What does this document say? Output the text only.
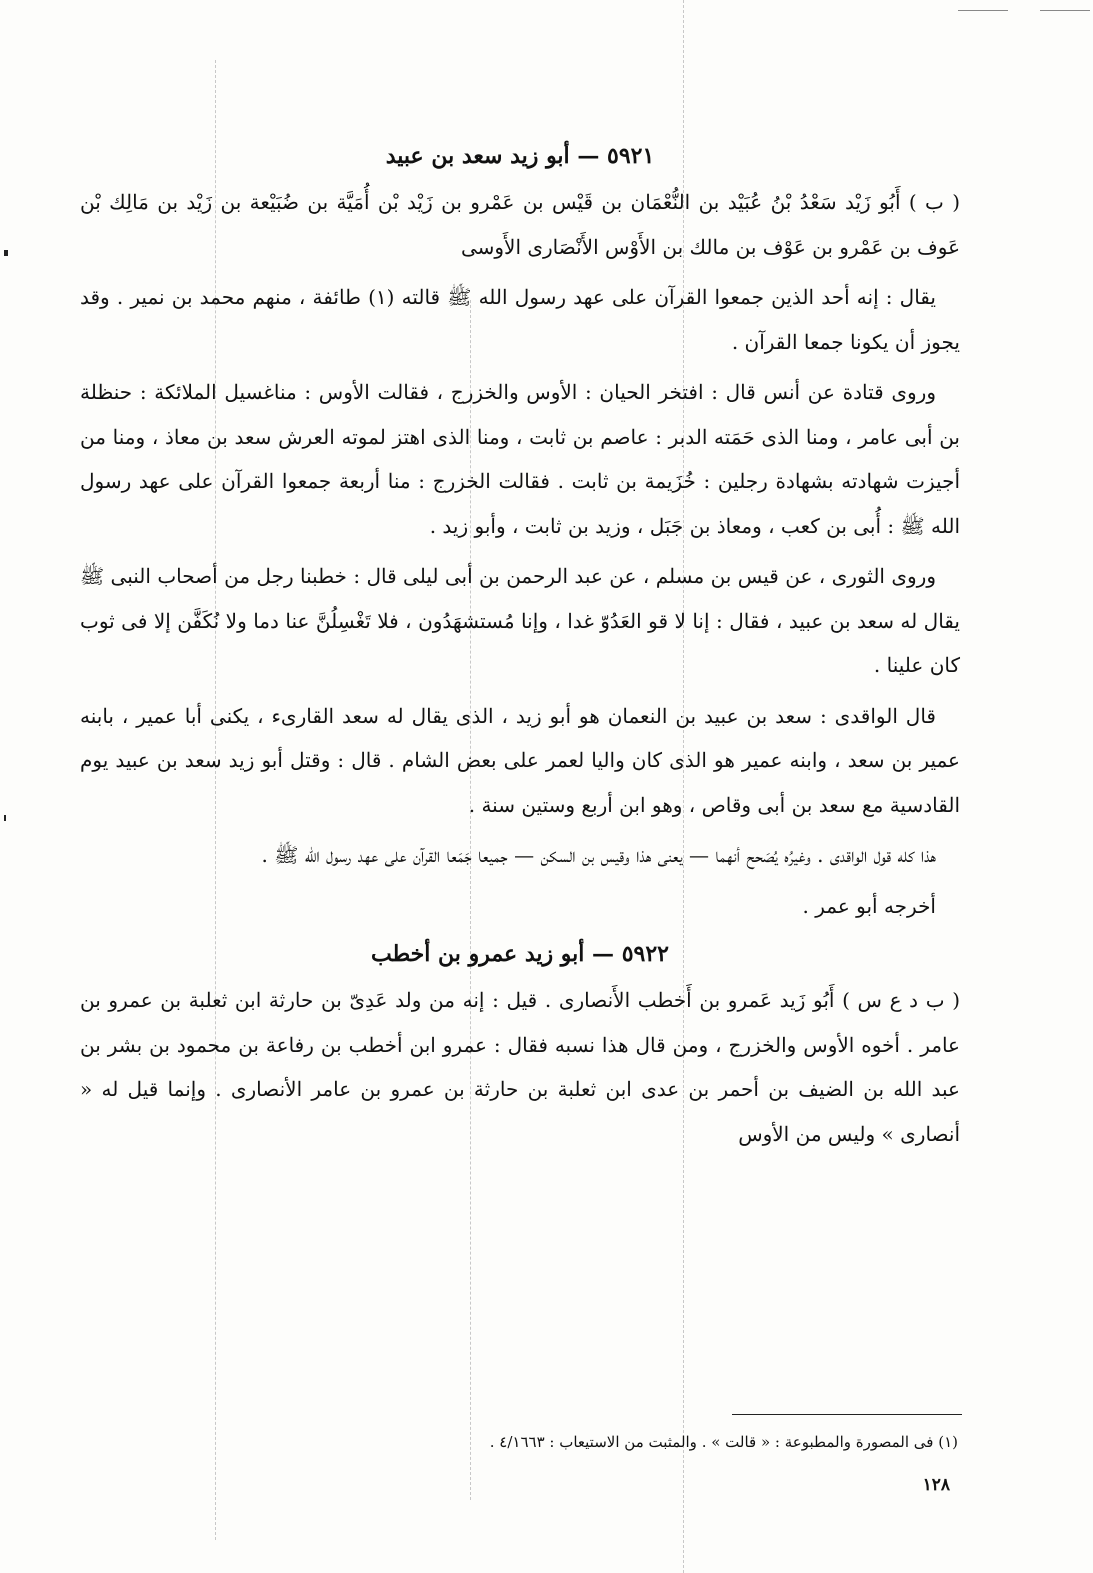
٥٩٢١ — أبو زيد سعد بن عبيد

( ب ) أَبُو زَيْد سَعْدُ بْنُ عُبَيْد بن النُّعْمَان بن قَيْس بن عَمْرو بن زَيْد بْن أُمَيَّة بن ضُبَيْعة بن زَيْد بن مَالِك بْن عَوف بن عَمْرو بن عَوْف بن مالك بن الأَوْس الأَنْصَارى الأَوسى

يقال : إنه أحد الذين جمعوا القرآن على عهد رسول الله ﷺ قالته (١) طائفة ، منهم محمد بن نمير . وقد يجوز أن يكونا جمعا القرآن .

وروى قتادة عن أنس قال : افتخر الحيان : الأوس والخزرج ، فقالت الأوس : مناغسيل الملائكة : حنظلة بن أبى عامر ، ومنا الذى حَمَته الدبر : عاصم بن ثابت ، ومنا الذى اهتز لموته العرش سعد بن معاذ ، ومنا من أجيزت شهادته بشهادة رجلين : خُزَيمة بن ثابت . فقالت الخزرج : منا أربعة جمعوا القرآن على عهد رسول الله ﷺ : أُبى بن كعب ، ومعاذ بن جَبَل ، وزيد بن ثابت ، وأبو زيد .

وروى الثورى ، عن قيس بن مسلم ، عن عبد الرحمن بن أبى ليلى قال : خطبنا رجل من أصحاب النبى ﷺ يقال له سعد بن عبيد ، فقال : إنا لا قو العَدُوّ غدا ، وإنا مُستشهَدُون ، فلا تَغْسِلُنَّ عنا دما ولا نُكَفَّن إلا فى ثوب كان علينا .

قال الواقدى : سعد بن عبيد بن النعمان هو أبو زيد ، الذى يقال له سعد القارىء ، يكنى أبا عمير ، بابنه عمير بن سعد ، وابنه عمير هو الذى كان واليا لعمر على بعض الشام . قال : وقتل أبو زيد سعد بن عبيد يوم القادسية مع سعد بن أبى وقاص ، وهو ابن أربع وستين سنة .

هذا كله قول الواقدى . وغيرُه يُصَحح أنهما — يعنى هذا وقيس بن السكن — جميعا جَمَعا القرآن على عهد رسول الله ﷺ .

أخرجه أبو عمر .

٥٩٢٢ — أبو زيد عمرو بن أخطب

( ب د ع س ) أَبُو زَيد عَمرو بن أَخطب الأَنصارى . قيل : إنه من ولد عَدِىّ بن حارثة ابن ثعلبة بن عمرو بن عامر . أخوه الأوس والخزرج ، ومن قال هذا نسبه فقال : عمرو ابن أخطب بن رفاعة بن محمود بن بشر بن عبد الله بن الضيف بن أحمر بن عدى ابن ثعلبة بن حارثة بن عمرو بن عامر الأنصارى . وإنما قيل له « أنصارى » وليس من الأوس

(١) فى المصورة والمطبوعة : « قالت » . والمثبت من الاستيعاب : ٤/١٦٦٣ .
١٢٨
